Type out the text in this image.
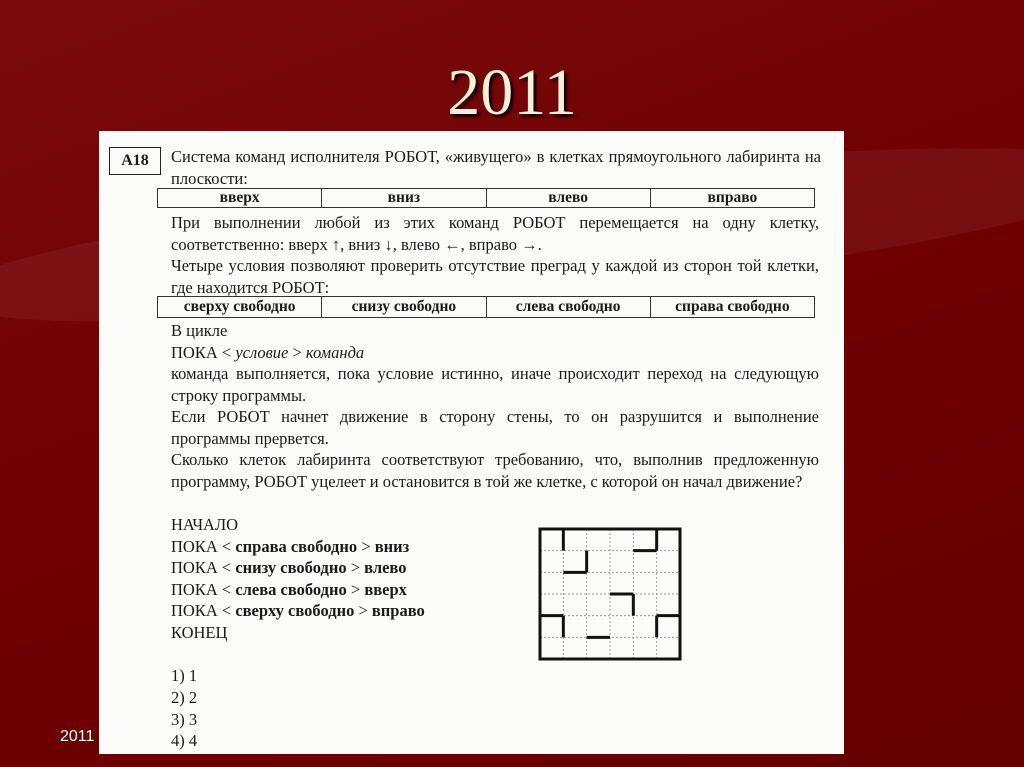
2011
А18	Система команд исполнителя РОБОТ, «живущего» в клетках прямоугольного лабиринта на плоскости:

вверх	вниз	влево	вправо

При выполнении любой из этих команд РОБОТ перемещается на одну клетку, соответственно: вверх ↑, вниз ↓, влево ←, вправо →.

Четыре условия позволяют проверить отсутствие преград у каждой из сторон той клетки, где находится РОБОТ:

сверху свободно	снизу свободно	слева свободно	справа свободно
В цикле
ПОКА < условие > команда

команда выполняется, пока условие истинно, иначе происходит переход на следующую строку программы.

Если РОБОТ начнет движение в сторону стены, то он разрушится и выполнение программы прервется.

Сколько клеток лабиринта соответствуют требованию, что, выполнив предложенную программу, РОБОТ уцелеет и остановится в той же клетке, с которой он начал движение?

НАЧАЛО
ПОКА < справа свободно > вниз
ПОКА < снизу свободно > влево
ПОКА < слева свободно > вверх
ПОКА < сверху свободно > вправо
КОНЕЦ
1) 1
2) 2
3) 3
4) 4
2011
